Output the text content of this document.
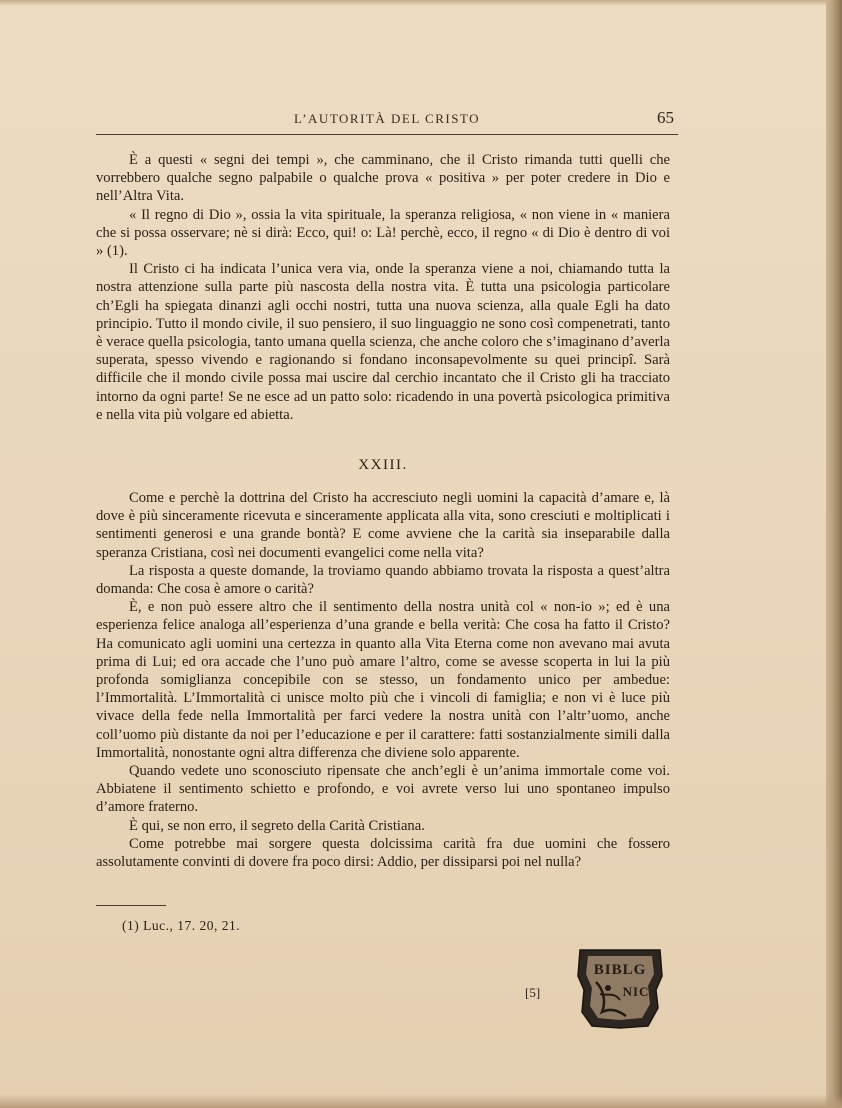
L’AUTORITÀ DEL CRISTO	65

È a questi « segni dei tempi », che camminano, che il Cristo rimanda tutti quelli che vorrebbero qualche segno palpabile o qualche prova « positiva » per poter credere in Dio e nell’Altra Vita.

« Il regno di Dio », ossia la vita spirituale, la speranza religiosa, « non viene in « maniera che si possa osservare; nè si dirà: Ecco, qui! o: Là! perchè, ecco, il regno « di Dio è dentro di voi » (1).

Il Cristo ci ha indicata l’unica vera via, onde la speranza viene a noi, chiamando tutta la nostra attenzione sulla parte più nascosta della nostra vita. È tutta una psicologia particolare ch’Egli ha spiegata dinanzi agli occhi nostri, tutta una nuova scienza, alla quale Egli ha dato principio. Tutto il mondo civile, il suo pensiero, il suo linguaggio ne sono così compenetrati, tanto è verace quella psicologia, tanto umana quella scienza, che anche coloro che s’imaginano d’averla superata, spesso vivendo e ragionando si fondano inconsapevolmente su quei principî. Sarà difficile che il mondo civile possa mai uscire dal cerchio incantato che il Cristo gli ha tracciato intorno da ogni parte! Se ne esce ad un patto solo: ricadendo in una povertà psicologica primitiva e nella vita più volgare ed abietta.

XXIII.

Come e perchè la dottrina del Cristo ha accresciuto negli uomini la capacità d’amare e, là dove è più sinceramente ricevuta e sinceramente applicata alla vita, sono cresciuti e moltiplicati i sentimenti generosi e una grande bontà? E come avviene che la carità sia inseparabile dalla speranza Cristiana, così nei documenti evangelici come nella vita?

La risposta a queste domande, la troviamo quando abbiamo trovata la risposta a quest’altra domanda: Che cosa è amore o carità?

È, e non può essere altro che il sentimento della nostra unità col « non-io »; ed è una esperienza felice analoga all’esperienza d’una grande e bella verità: Che cosa ha fatto il Cristo? Ha comunicato agli uomini una certezza in quanto alla Vita Eterna come non avevano mai avuta prima di Lui; ed ora accade che l’uno può amare l’altro, come se avesse scoperta in lui la più profonda somiglianza concepibile con se stesso, un fondamento unico per ambedue: l’Immortalità. L’Immortalità ci unisce molto più che i vincoli di famiglia; e non vi è luce più vivace della fede nella Immortalità per farci vedere la nostra unità con l’altr’uomo, anche coll’uomo più distante da noi per l’educazione e per il carattere: fatti sostanzialmente simili dalla Immortalità, nonostante ogni altra differenza che diviene solo apparente.

Quando vedete uno sconosciuto ripensate che anch’egli è un’anima immortale come voi. Abbiatene il sentimento schietto e profondo, e voi avrete verso lui uno spontaneo impulso d’amore fraterno.

È qui, se non erro, il segreto della Carità Cristiana.

Come potrebbe mai sorgere questa dolcissima carità fra due uomini che fossero assolutamente convinti di dovere fra poco dirsi: Addio, per dissiparsi poi nel nulla?

(1) Luc., 17. 20, 21.
[5]
BIBLG
NIC
